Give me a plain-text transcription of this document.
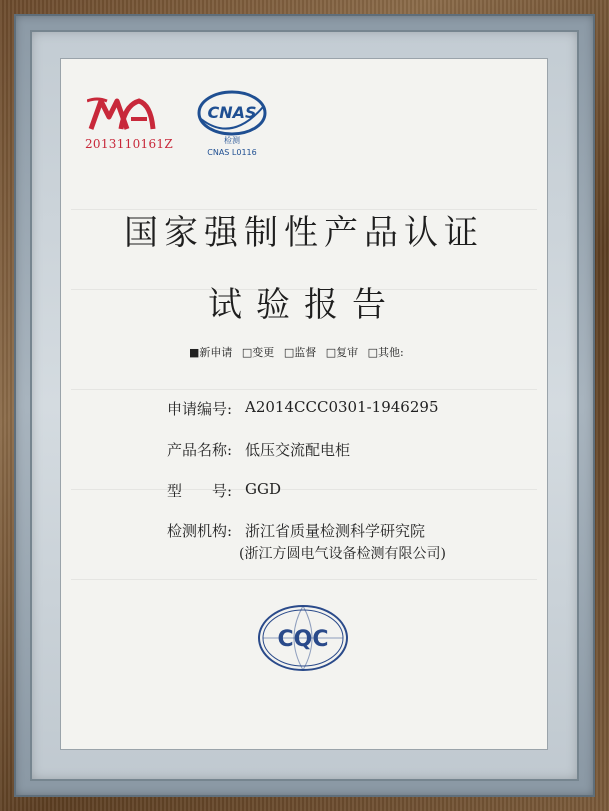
2013110161Z
CNAS
检测
CNAS L0116
国家强制性产品认证
试验报告
■新申请 □变更 □监督 □复审 □其他:
申请编号: A2014CCC0301-1946295
产品名称: 低压交流配电柜
型　　号: GGD
检测机构: 浙江省质量检测科学研究院
(浙江方圆电气设备检测有限公司)
CQC
